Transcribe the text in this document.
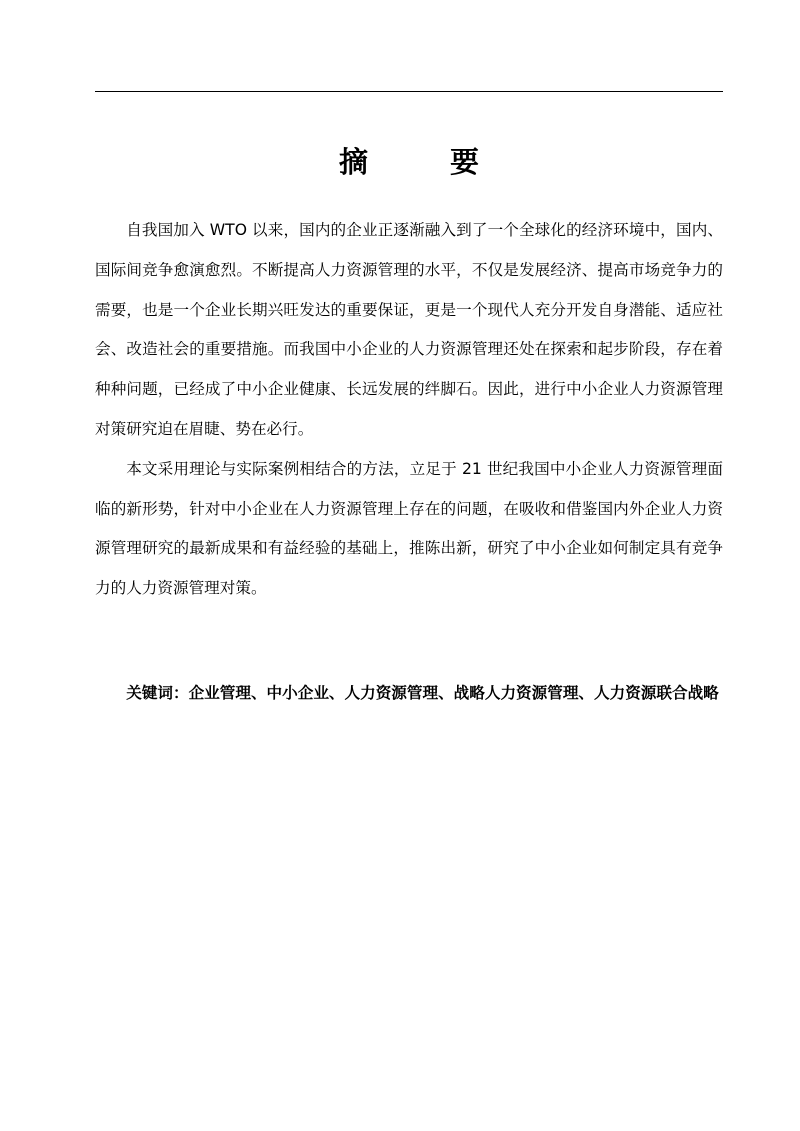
摘 要

自我国加入 WTO 以来，国内的企业正逐渐融入到了一个全球化的经济环境中，国内、国际间竞争愈演愈烈。不断提高人力资源管理的水平，不仅是发展经济、提高市场竞争力的需要，也是一个企业长期兴旺发达的重要保证，更是一个现代人充分开发自身潜能、适应社会、改造社会的重要措施。而我国中小企业的人力资源管理还处在探索和起步阶段，存在着种种问题，已经成了中小企业健康、长远发展的绊脚石。因此，进行中小企业人力资源管理对策研究迫在眉睫、势在必行。

本文采用理论与实际案例相结合的方法，立足于 21 世纪我国中小企业人力资源管理面临的新形势，针对中小企业在人力资源管理上存在的问题，在吸收和借鉴国内外企业人力资源管理研究的最新成果和有益经验的基础上，推陈出新，研究了中小企业如何制定具有竞争力的人力资源管理对策。

关键词：企业管理、中小企业、人力资源管理、战略人力资源管理、人力资源联合战略
